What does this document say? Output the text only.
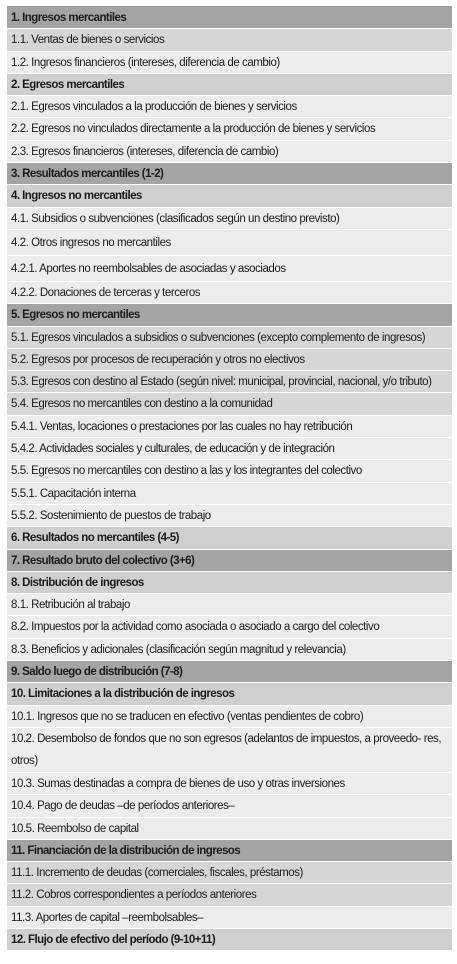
1. Ingresos mercantiles
1.1. Ventas de bienes o servicios
1.2. Ingresos financieros (intereses, diferencia de cambio)
2. Egresos mercantiles
2.1. Egresos vinculados a la producción de bienes y servicios
2.2. Egresos no vinculados directamente a la producción de bienes y servicios
2.3. Egresos financieros (intereses, diferencia de cambio)
3. Resultados mercantiles (1-2)
4. Ingresos no mercantiles
4.1. Subsidios o subvenciones (clasificados según un destino previsto)
4.2. Otros ingresos no mercantiles
4.2.1. Aportes no reembolsables de asociadas y asociados
4.2.2. Donaciones de terceras y terceros
5. Egresos no mercantiles
5.1. Egresos vinculados a subsidios o subvenciones (excepto complemento de ingresos)
5.2. Egresos por procesos de recuperación y otros no electivos
5.3. Egresos con destino al Estado (según nivel: municipal, provincial, nacional, y/o tributo)
5.4. Egresos no mercantiles con destino a la comunidad
5.4.1. Ventas, locaciones o prestaciones por las cuales no hay retribución
5.4.2. Actividades sociales y culturales, de educación y de integración
5.5. Egresos no mercantiles con destino a las y los integrantes del colectivo
5.5.1. Capacitación interna
5.5.2. Sostenimiento de puestos de trabajo
6. Resultados no mercantiles (4-5)
7. Resultado bruto del colectivo (3+6)
8. Distribución de ingresos
8.1. Retribución al trabajo
8.2. Impuestos por la actividad como asociada o asociado a cargo del colectivo
8.3. Beneficios y adicionales (clasificación según magnitud y relevancia)
9. Saldo luego de distribución (7-8)
10. Limitaciones a la distribución de ingresos
10.1. Ingresos que no se traducen en efectivo (ventas pendientes de cobro)
10.2. Desembolso de fondos que no son egresos (adelantos de impuestos, a proveedo- res, otros)
10.3. Sumas destinadas a compra de bienes de uso y otras inversiones
10.4. Pago de deudas –de períodos anteriores–
10.5. Reembolso de capital
11. Financiación de la distribución de ingresos
11.1. Incremento de deudas (comerciales, fiscales, préstamos)
11.2. Cobros correspondientes a períodos anteriores
11.3. Aportes de capital –reembolsables–
12. Flujo de efectivo del período (9-10+11)
